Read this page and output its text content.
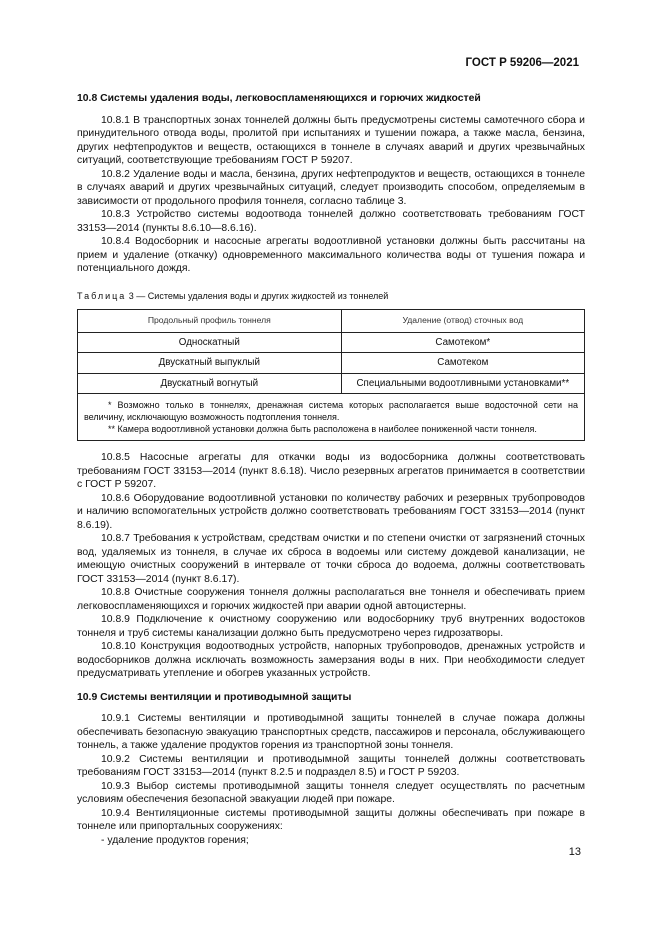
ГОСТ Р 59206—2021
10.8 Системы удаления воды, легковоспламеняющихся и горючих жидкостей

10.8.1 В транспортных зонах тоннелей должны быть предусмотрены системы самотечного сбора и принудительного отвода воды, пролитой при испытаниях и тушении пожара, а также масла, бензина, других нефтепродуктов и веществ, остающихся в тоннеле в случаях аварий и других чрезвычайных ситуаций, соответствующие требованиям ГОСТ Р 59207.

10.8.2 Удаление воды и масла, бензина, других нефтепродуктов и веществ, остающихся в тоннеле в случаях аварий и других чрезвычайных ситуаций, следует производить способом, определяемым в зависимости от продольного профиля тоннеля, согласно таблице 3.

10.8.3 Устройство системы водоотвода тоннелей должно соответствовать требованиям ГОСТ 33153—2014 (пункты 8.6.10—8.6.16).

10.8.4 Водосборник и насосные агрегаты водоотливной установки должны быть рассчитаны на прием и удаление (откачку) одновременного максимального количества воды от тушения пожара и потенциального дождя.

Таблица 3 — Системы удаления воды и других жидкостей из тоннелей
Продольный профиль тоннеля	Удаление (отвод) сточных вод
Односкатный	Самотеком*
Двускатный выпуклый	Самотеком
Двускатный вогнутый	Специальными водоотливными установками**

* Возможно только в тоннелях, дренажная система которых располагается выше водосточной сети на величину, исключающую возможность подтопления тоннеля.
** Камера водоотливной установки должна быть расположена в наиболее пониженной части тоннеля.	

10.8.5 Насосные агрегаты для откачки воды из водосборника должны соответствовать требованиям ГОСТ 33153—2014 (пункт 8.6.18). Число резервных агрегатов принимается в соответствии с ГОСТ Р 59207.

10.8.6 Оборудование водоотливной установки по количеству рабочих и резервных трубопроводов и наличию вспомогательных устройств должно соответствовать требованиям ГОСТ 33153—2014 (пункт 8.6.19).

10.8.7 Требования к устройствам, средствам очистки и по степени очистки от загрязнений сточных вод, удаляемых из тоннеля, в случае их сброса в водоемы или систему дождевой канализации, не имеющую очистных сооружений в интервале от точки сброса до водоема, должны соответствовать ГОСТ 33153—2014 (пункт 8.6.17).

10.8.8 Очистные сооружения тоннеля должны располагаться вне тоннеля и обеспечивать прием легковоспламеняющихся и горючих жидкостей при аварии одной автоцистерны.

10.8.9 Подключение к очистному сооружению или водосборнику труб внутренних водостоков тоннеля и труб системы канализации должно быть предусмотрено через гидрозатворы.

10.8.10 Конструкция водоотводных устройств, напорных трубопроводов, дренажных устройств и водосборников должна исключать возможность замерзания воды в них. При необходимости следует предусматривать утепление и обогрев указанных устройств.

10.9 Системы вентиляции и противодымной защиты

10.9.1 Системы вентиляции и противодымной защиты тоннелей в случае пожара должны обеспечивать безопасную эвакуацию транспортных средств, пассажиров и персонала, обслуживающего тоннель, а также удаление продуктов горения из транспортной зоны тоннеля.

10.9.2 Системы вентиляции и противодымной защиты тоннелей должны соответствовать требованиям ГОСТ 33153—2014 (пункт 8.2.5 и подраздел 8.5) и ГОСТ Р 59203.

10.9.3 Выбор системы противодымной защиты тоннеля следует осуществлять по расчетным условиям обеспечения безопасной эвакуации людей при пожаре.

10.9.4 Вентиляционные системы противодымной защиты должны обеспечивать при пожаре в тоннеле или припортальных сооружениях:

- удаление продуктов горения;

13
